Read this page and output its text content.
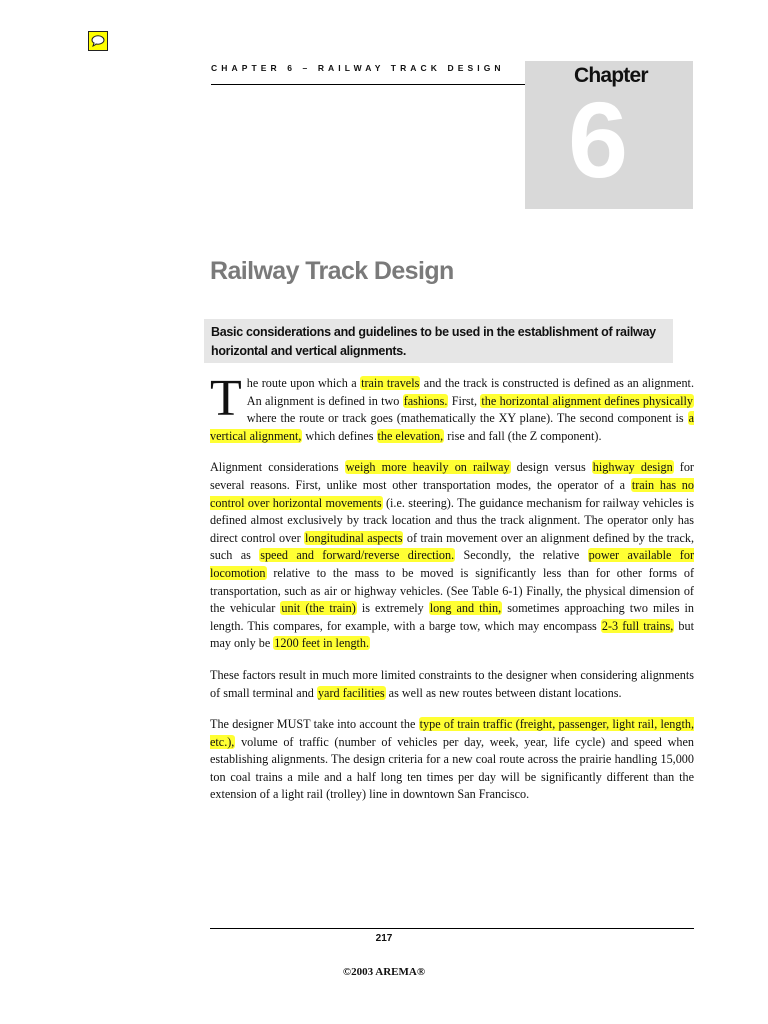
CHAPTER 6 – RAILWAY TRACK DESIGN	Chapter
6
Railway Track Design
Basic considerations and guidelines to be used in the establishment of railway horizontal and vertical alignments.

The route upon which a train travels and the track is constructed is defined as an alignment. An alignment is defined in two fashions. First, the horizontal alignment defines physically where the route or track goes (mathematically the XY plane). The second component is a vertical alignment, which defines the elevation, rise and fall (the Z component).

Alignment considerations weigh more heavily on railway design versus highway design for several reasons. First, unlike most other transportation modes, the operator of a train has no control over horizontal movements (i.e. steering). The guidance mechanism for railway vehicles is defined almost exclusively by track location and thus the track alignment. The operator only has direct control over longitudinal aspects of train movement over an alignment defined by the track, such as speed and forward/reverse direction. Secondly, the relative power available for locomotion relative to the mass to be moved is significantly less than for other forms of transportation, such as air or highway vehicles. (See Table 6-1) Finally, the physical dimension of the vehicular unit (the train) is extremely long and thin, sometimes approaching two miles in length. This compares, for example, with a barge tow, which may encompass 2-3 full trains, but may only be 1200 feet in length.

These factors result in much more limited constraints to the designer when considering alignments of small terminal and yard facilities as well as new routes between distant locations.

The designer MUST take into account the type of train traffic (freight, passenger, light rail, length, etc.), volume of traffic (number of vehicles per day, week, year, life cycle) and speed when establishing alignments. The design criteria for a new coal route across the prairie handling 15,000 ton coal trains a mile and a half long ten times per day will be significantly different than the extension of a light rail (trolley) line in downtown San Francisco.

217
©2003 AREMA®
